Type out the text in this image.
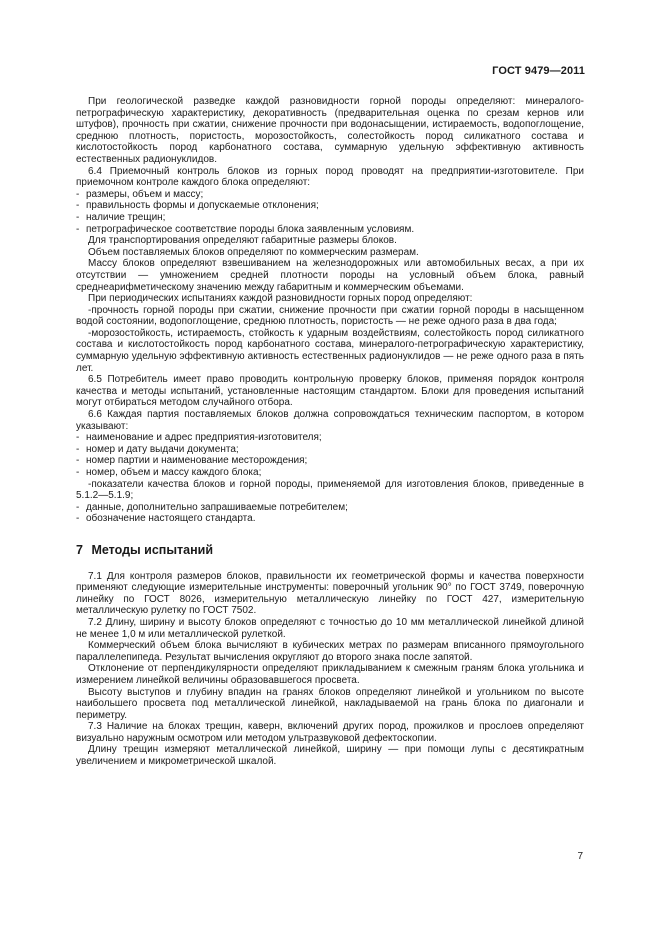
ГОСТ 9479—2011

При геологической разведке каждой разновидности горной породы определяют: минералого-петрографическую характеристику, декоративность (предварительная оценка по срезам кернов или штуфов), прочность при сжатии, снижение прочности при водонасыщении, истираемость, водопоглощение, среднюю плотность, пористость, морозостойкость, солестойкость пород силикатного состава и кислотостойкость пород карбонатного состава, суммарную удельную эффективную активность естественных радионуклидов.

6.4 Приемочный контроль блоков из горных пород проводят на предприятии-изготовителе. При приемочном контроле каждого блока определяют:

- размеры, объем и массу;

- правильность формы и допускаемые отклонения;

- наличие трещин;

- петрографическое соответствие породы блока заявленным условиям.

Для транспортирования определяют габаритные размеры блоков.

Объем поставляемых блоков определяют по коммерческим размерам.

Массу блоков определяют взвешиванием на железнодорожных или автомобильных весах, а при их отсутствии — умножением средней плотности породы на условный объем блока, равный среднеарифметическому значению между габаритным и коммерческим объемами.

При периодических испытаниях каждой разновидности горных пород определяют:

-прочность горной породы при сжатии, снижение прочности при сжатии горной породы в насыщенном водой состоянии, водопоглощение, среднюю плотность, пористость — не реже одного раза в два года;

-морозостойкость, истираемость, стойкость к ударным воздействиям, солестойкость пород силикатного состава и кислотостойкость пород карбонатного состава, минералого-петрографическую характеристику, суммарную удельную эффективную активность естественных радионуклидов — не реже одного раза в пять лет.

6.5 Потребитель имеет право проводить контрольную проверку блоков, применяя порядок контроля качества и методы испытаний, установленные настоящим стандартом. Блоки для проведения испытаний могут отбираться методом случайного отбора.

6.6 Каждая партия поставляемых блоков должна сопровождаться техническим паспортом, в котором указывают:

- наименование и адрес предприятия-изготовителя;

- номер и дату выдачи документа;

- номер партии и наименование месторождения;

- номер, объем и массу каждого блока;

-показатели качества блоков и горной породы, применяемой для изготовления блоков, приведенные в 5.1.2—5.1.9;

- данные, дополнительно запрашиваемые потребителем;

- обозначение настоящего стандарта.

7 Методы испытаний

7.1 Для контроля размеров блоков, правильности их геометрической формы и качества поверхности применяют следующие измерительные инструменты: поверочный угольник 90° по ГОСТ 3749, поверочную линейку по ГОСТ 8026, измерительную металлическую линейку по ГОСТ 427, измерительную металлическую рулетку по ГОСТ 7502.

7.2 Длину, ширину и высоту блоков определяют с точностью до 10 мм металлической линейкой длиной не менее 1,0 м или металлической рулеткой.

Коммерческий объем блока вычисляют в кубических метрах по размерам вписанного прямоугольного параллелепипеда. Результат вычисления округляют до второго знака после запятой.

Отклонение от перпендикулярности определяют прикладыванием к смежным граням блока угольника и измерением линейкой величины образовавшегося просвета.

Высоту выступов и глубину впадин на гранях блоков определяют линейкой и угольником по высоте наибольшего просвета под металлической линейкой, накладываемой на грань блока по диагонали и периметру.

7.3 Наличие на блоках трещин, каверн, включений других пород, прожилков и прослоев определяют визуально наружным осмотром или методом ультразвуковой дефектоскопии.

Длину трещин измеряют металлической линейкой, ширину — при помощи лупы с десятикратным увеличением и микрометрической шкалой.

7
